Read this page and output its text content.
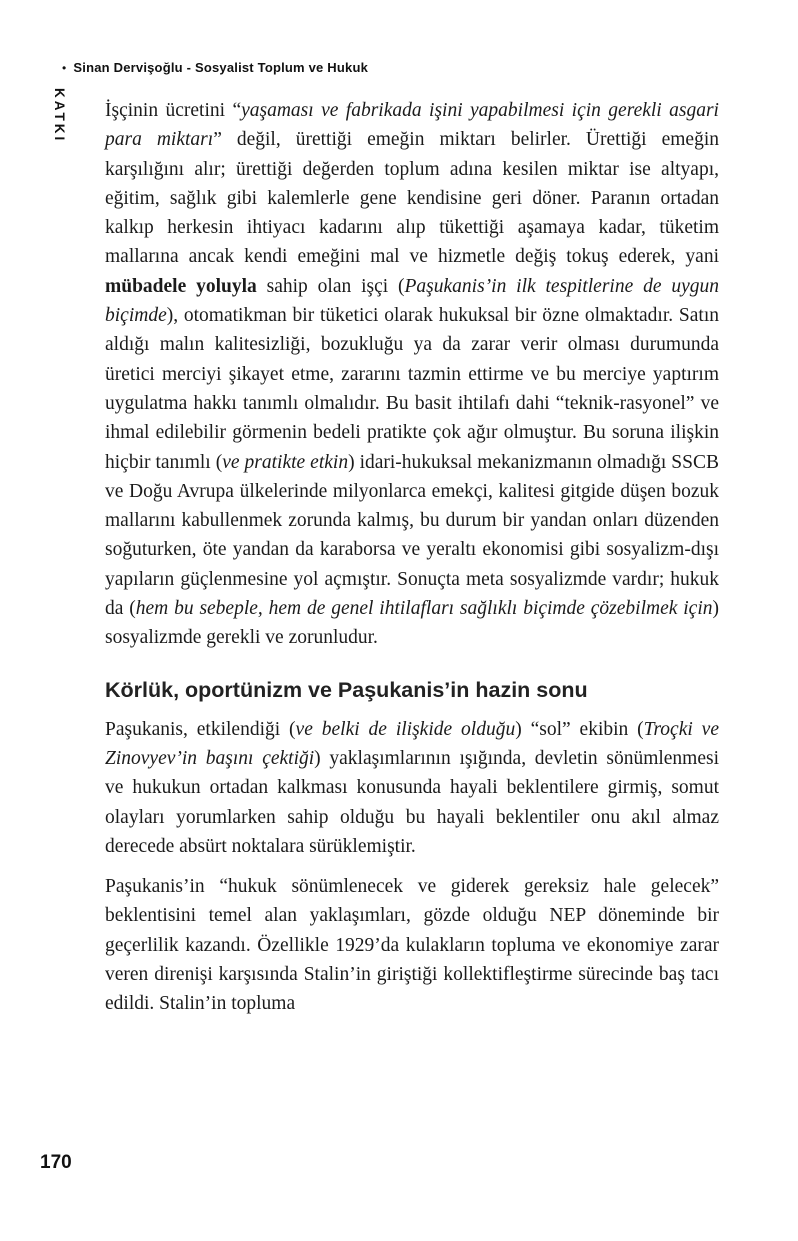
• Sinan Dervişoğlu - Sosyalist Toplum ve Hukuk
KATKI İşçinin ücretini “yaşaması ve fabrikada işini yapabilmesi için gerekli asgari para miktarı” değil, ürettiği emeğin miktarı belirler. Ürettiği emeğin karşılığını alır; ürettiği değerden toplum adına kesilen miktar ise altyapı, eğitim, sağlık gibi kalemlerle gene kendisine geri döner. Paranın ortadan kalkıp herkesin ihtiyacı kadarını alıp tükettiği aşamaya kadar, tüketim mallarına ancak kendi emeğini mal ve hizmetle değiş tokuş ederek, yani mübadele yoluyla sahip olan işçi (Paşukanis’in ilk tespitlerine de uygun biçimde), otomatikman bir tüketici olarak hukuksal bir özne olmaktadır. Satın aldığı malın kalitesizliği, bozukluğu ya da zarar verir olması durumunda üretici merciyi şikayet etme, zararını tazmin ettirme ve bu merciye yaptırım uygulatma hakkı tanımlı olmalıdır. Bu basit ihtilafı dahi “teknik-rasyonel” ve ihmal edilebilir görmenin bedeli pratikte çok ağır olmuştur. Bu soruna ilişkin hiçbir tanımlı (ve pratikte etkin) idari-hukuksal mekanizmanın olmadığı SSCB ve Doğu Avrupa ülkelerinde milyonlarca emekçi, kalitesi gitgide düşen bozuk mallarını kabullenmek zorunda kalmış, bu durum bir yandan onları düzenden soğuturken, öte yandan da karaborsa ve yeraltı ekonomisi gibi sosyalizm-dışı yapıların güçlenmesine yol açmıştır. Sonuçta meta sosyalizmde vardır; hukuk da (hem bu sebeple, hem de genel ihtilafları sağlıklı biçimde çözebilmek için) sosyalizmde gerekli ve zorunludur.

Körlük, oportünizm ve Paşukanis’in hazin sonu

Paşukanis, etkilendiği (ve belki de ilişkide olduğu) “sol” ekibin (Troçki ve Zinovyev’in başını çektiği) yaklaşımlarının ışığında, devletin sönümlenmesi ve hukukun ortadan kalkması konusunda hayali beklentilere girmiş, somut olayları yorumlarken sahip olduğu bu hayali beklentiler onu akıl almaz derecede absürt noktalara sürüklemiştir.

Paşukanis’in “hukuk sönümlenecek ve giderek gereksiz hale gelecek” beklentisini temel alan yaklaşımları, gözde olduğu NEP döneminde bir geçerlilik kazandı. Özellikle 1929’da kulakların topluma ve ekonomiye zarar veren direnişi karşısında Stalin’in giriştiği kollektifleştirme sürecinde baş tacı edildi. Stalin’in topluma

170
